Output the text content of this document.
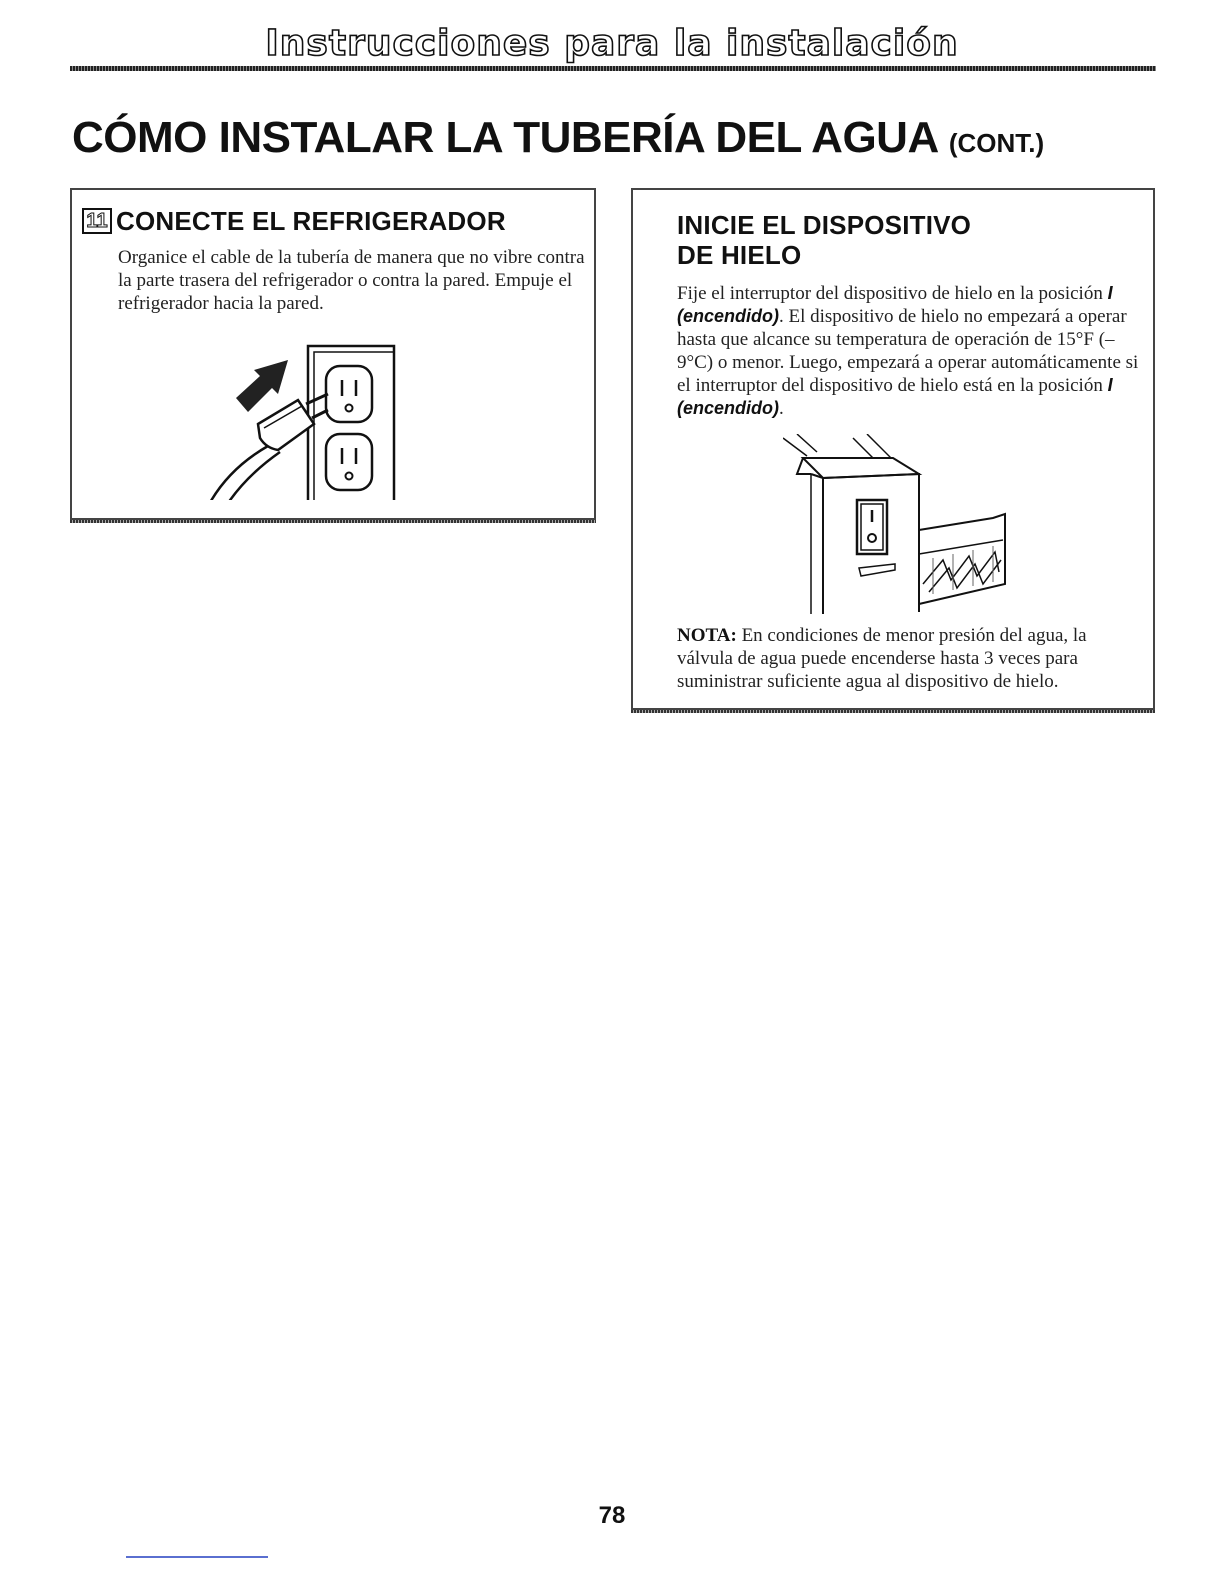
Instrucciones para la instalación
CÓMO INSTALAR LA TUBERÍA DEL AGUA (CONT.)
11 CONECTE EL REFRIGERADOR
Organice el cable de la tubería de manera que no vibre contra la parte trasera del refrigerador o contra la pared. Empuje el refrigerador hacia la pared.
INICIE EL DISPOSITIVO
DE HIELO
Fije el interruptor del dispositivo de hielo en la posición I (encendido). El dispositivo de hielo no empezará a operar hasta que alcance su temperatura de operación de 15°F (–9°C) o menor. Luego, empezará a operar automáticamente si el interruptor del dispositivo de hielo está en la posición I (encendido).
NOTA: En condiciones de menor presión del agua, la válvula de agua puede encenderse hasta 3 veces para suministrar suficiente agua al dispositivo de hielo.
78
